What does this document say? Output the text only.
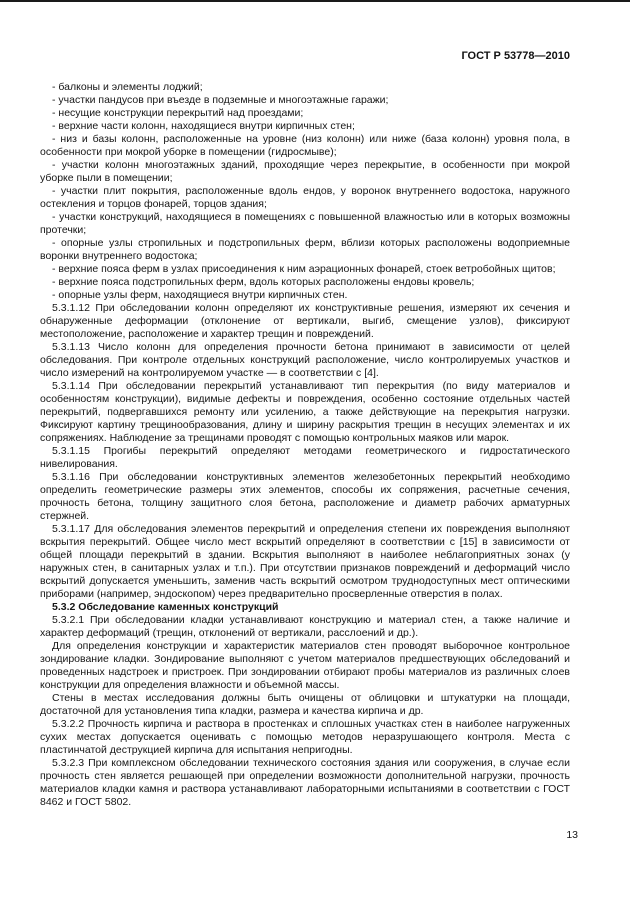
ГОСТ Р 53778—2010

- балконы и элементы лоджий;

- участки пандусов при въезде в подземные и многоэтажные гаражи;

- несущие конструкции перекрытий над проездами;

- верхние части колонн, находящиеся внутри кирпичных стен;

- низ и базы колонн, расположенные на уровне (низ колонн) или ниже (база колонн) уровня пола, в особенности при мокрой уборке в помещении (гидросмыве);

- участки колонн многоэтажных зданий, проходящие через перекрытие, в особенности при мокрой уборке пыли в помещении;

- участки плит покрытия, расположенные вдоль ендов, у воронок внутреннего водостока, наружного остекления и торцов фонарей, торцов здания;

- участки конструкций, находящиеся в помещениях с повышенной влажностью или в которых возможны протечки;

- опорные узлы стропильных и подстропильных ферм, вблизи которых расположены водоприемные воронки внутреннего водостока;

- верхние пояса ферм в узлах присоединения к ним аэрационных фонарей, стоек ветробойных щитов;

- верхние пояса подстропильных ферм, вдоль которых расположены ендовы кровель;

- опорные узлы ферм, находящиеся внутри кирпичных стен.

5.3.1.12 При обследовании колонн определяют их конструктивные решения, измеряют их сечения и обнаруженные деформации (отклонение от вертикали, выгиб, смещение узлов), фиксируют местоположение, расположение и характер трещин и повреждений.

5.3.1.13 Число колонн для определения прочности бетона принимают в зависимости от целей обследования. При контроле отдельных конструкций расположение, число контролируемых участков и число измерений на контролируемом участке — в соответствии с [4].

5.3.1.14 При обследовании перекрытий устанавливают тип перекрытия (по виду материалов и особенностям конструкции), видимые дефекты и повреждения, особенно состояние отдельных частей перекрытий, подвергавшихся ремонту или усилению, а также действующие на перекрытия нагрузки. Фиксируют картину трещинообразования, длину и ширину раскрытия трещин в несущих элементах и их сопряжениях. Наблюдение за трещинами проводят с помощью контрольных маяков или марок.

5.3.1.15 Прогибы перекрытий определяют методами геометрического и гидростатического нивелирования.

5.3.1.16 При обследовании конструктивных элементов железобетонных перекрытий необходимо определить геометрические размеры этих элементов, способы их сопряжения, расчетные сечения, прочность бетона, толщину защитного слоя бетона, расположение и диаметр рабочих арматурных стержней.

5.3.1.17 Для обследования элементов перекрытий и определения степени их повреждения выполняют вскрытия перекрытий. Общее число мест вскрытий определяют в соответствии с [15] в зависимости от общей площади перекрытий в здании. Вскрытия выполняют в наиболее неблагоприятных зонах (у наружных стен, в санитарных узлах и т.п.). При отсутствии признаков повреждений и деформаций число вскрытий допускается уменьшить, заменив часть вскрытий осмотром труднодоступных мест оптическими приборами (например, эндоскопом) через предварительно просверленные отверстия в полах.

5.3.2 Обследование каменных конструкций

5.3.2.1 При обследовании кладки устанавливают конструкцию и материал стен, а также наличие и характер деформаций (трещин, отклонений от вертикали, расслоений и др.).

Для определения конструкции и характеристик материалов стен проводят выборочное контрольное зондирование кладки. Зондирование выполняют с учетом материалов предшествующих обследований и проведенных надстроек и пристроек. При зондировании отбирают пробы материалов из различных слоев конструкции для определения влажности и объемной массы.

Стены в местах исследования должны быть очищены от облицовки и штукатурки на площади, достаточной для установления типа кладки, размера и качества кирпича и др.

5.3.2.2 Прочность кирпича и раствора в простенках и сплошных участках стен в наиболее нагруженных сухих местах допускается оценивать с помощью методов неразрушающего контроля. Места с пластинчатой деструкцией кирпича для испытания непригодны.

5.3.2.3 При комплексном обследовании технического состояния здания или сооружения, в случае если прочность стен является решающей при определении возможности дополнительной нагрузки, прочность материалов кладки камня и раствора устанавливают лабораторными испытаниями в соответствии с ГОСТ 8462 и ГОСТ 5802.

13
